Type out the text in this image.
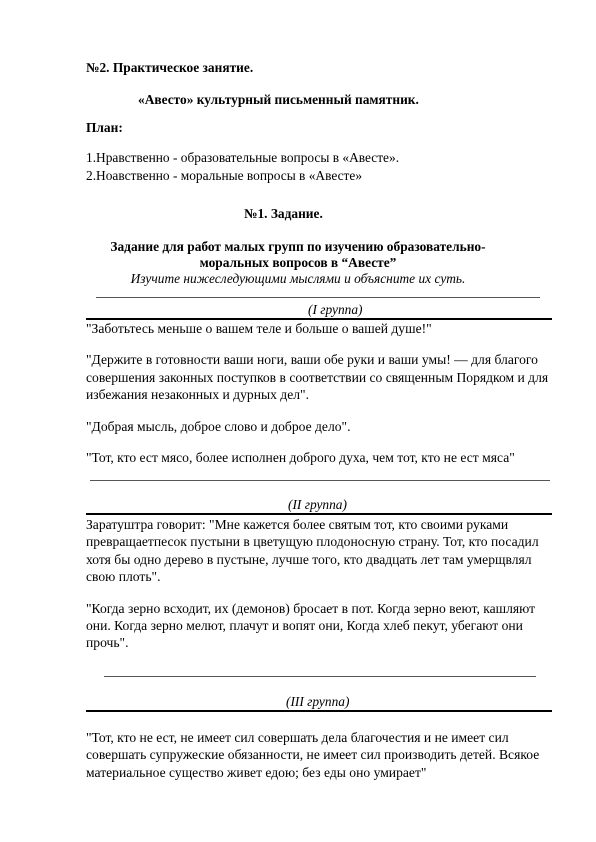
№2. Практическое занятие.
«Авесто» культурный письменный памятник.
План:
1.Нравственно - образовательные вопросы в «Авесте».
2.Ноавственно - моральные вопросы в «Авесте»
№1. Задание.
Задание для работ малых групп по изучению образовательно-
моральных вопросов в “Авесте”
Изучите нижеследующими мыслями и объясните их суть.
(I группа)

"Заботьтесь меньше о вашем теле и больше о вашей душе!"

"Держите в готовности ваши ноги, ваши обе руки и ваши умы! — для благого совершения законных поступков в соответствии со священным Порядком и для избежания незаконных и дурных дел".

"Добрая мысль, доброе слово и доброе дело".

"Тот, кто ест мясо, более исполнен доброго духа, чем тот, кто не ест мяса"

(II группа)

Заратуштра говорит: "Мне кажется более святым тот, кто своими руками превращаетпесок пустыни в цветущую плодоносную страну. Тот, кто посадил хотя бы одно дерево в пустыне, лучше того, кто двадцать лет там умерщвлял свою плоть".

"Когда зерно всходит, их (демонов) бросает в пот. Когда зерно веют, кашляют они. Когда зерно мелют, плачут и вопят они, Когда хлеб пекут, убегают они прочь".

(III группа)

"Тот, кто не ест, не имеет сил совершать дела благочестия и не имеет сил совершать супружеские обязанности, не имеет сил производить детей. Всякое материальное существо живет едою; без еды оно умирает"
